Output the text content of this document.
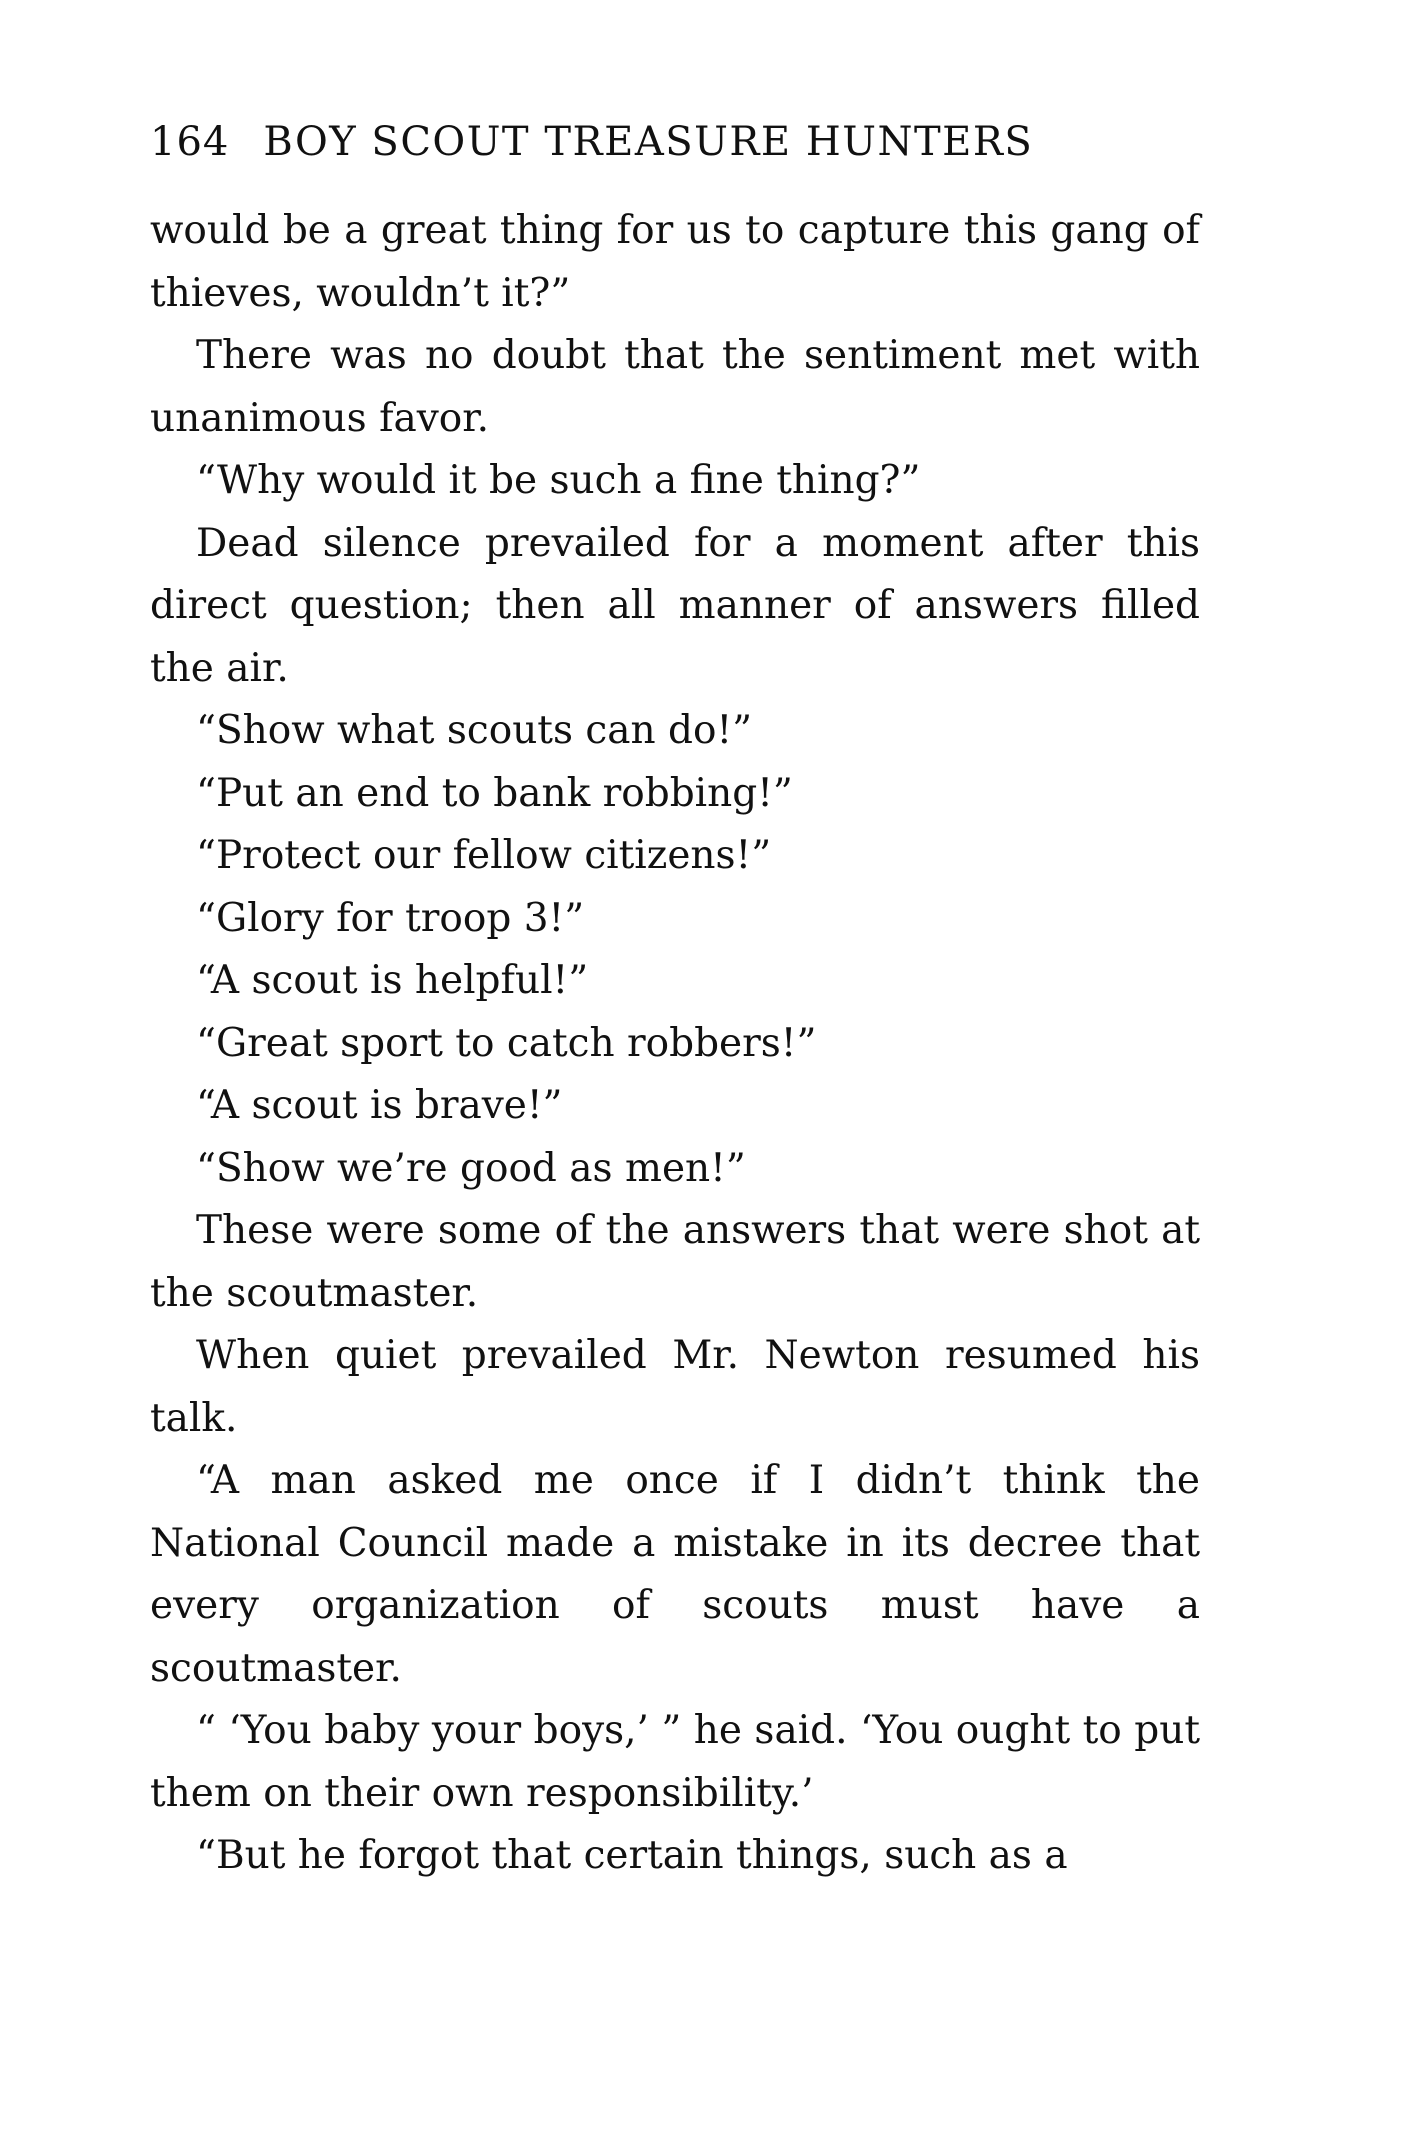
164 BOY SCOUT TREASURE HUNTERS

would be a great thing for us to capture this gang of thieves, wouldn’t it?”

There was no doubt that the sentiment met with unanimous favor.

“Why would it be such a fine thing?”

Dead silence prevailed for a moment after this direct question; then all manner of answers filled the air.

“Show what scouts can do!”

“Put an end to bank robbing!”

“Protect our fellow citizens!”

“Glory for troop 3!”

“A scout is helpful!”

“Great sport to catch robbers!”

“A scout is brave!”

“Show we’re good as men!”

These were some of the answers that were shot at the scoutmaster.

When quiet prevailed Mr. Newton resumed his talk.

“A man asked me once if I didn’t think the National Council made a mistake in its decree that every organization of scouts must have a scoutmaster.

“ ‘You baby your boys,’ ” he said. ‘You ought to put them on their own responsibility.’

“But he forgot that certain things, such as a
